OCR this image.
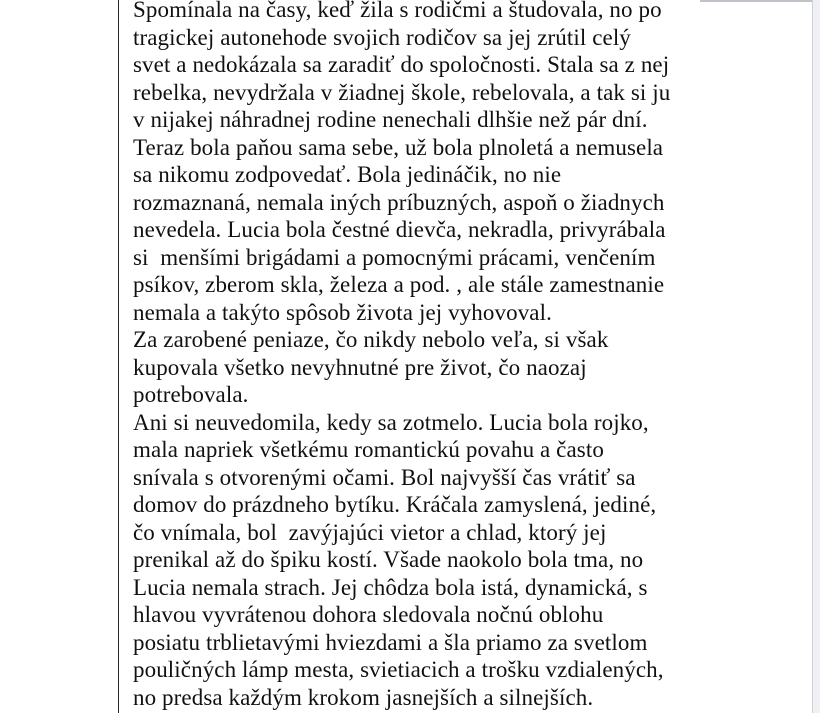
Spomínala na časy, keď žila s rodičmi a študovala, no po
tragickej autonehode svojich rodičov sa jej zrútil celý
svet a nedokázala sa zaradiť do spoločnosti. Stala sa z nej
rebelka, nevydržala v žiadnej škole, rebelovala, a tak si ju
v nijakej náhradnej rodine nenechali dlhšie než pár dní.
Teraz bola paňou sama sebe, už bola plnoletá a nemusela
sa nikomu zodpovedať. Bola jedináčik, no nie
rozmaznaná, nemala iných príbuzných, aspoň o žiadnych
nevedela. Lucia bola čestné dievča, nekradla, privyrábala
si  menšími brigádami a pomocnými prácami, venčením
psíkov, zberom skla, železa a pod. , ale stále zamestnanie
nemala a takýto spôsob života jej vyhovoval.
Za zarobené peniaze, čo nikdy nebolo veľa, si však
kupovala všetko nevyhnutné pre život, čo naozaj
potrebovala.
Ani si neuvedomila, kedy sa zotmelo. Lucia bola rojko,
mala napriek všetkému romantickú povahu a často
snívala s otvorenými očami. Bol najvyšší čas vrátiť sa
domov do prázdneho bytíku. Kráčala zamyslená, jediné,
čo vnímala, bol  zavýjajúci vietor a chlad, ktorý jej
prenikal až do špiku kostí. Všade naokolo bola tma, no
Lucia nemala strach. Jej chôdza bola istá, dynamická, s
hlavou vyvrátenou dohora sledovala nočnú oblohu
posiatu trblietavými hviezdami a šla priamo za svetlom
pouličných lámp mesta, svietiacich a trošku vzdialených,
no predsa každým krokom jasnejších a silnejších.
